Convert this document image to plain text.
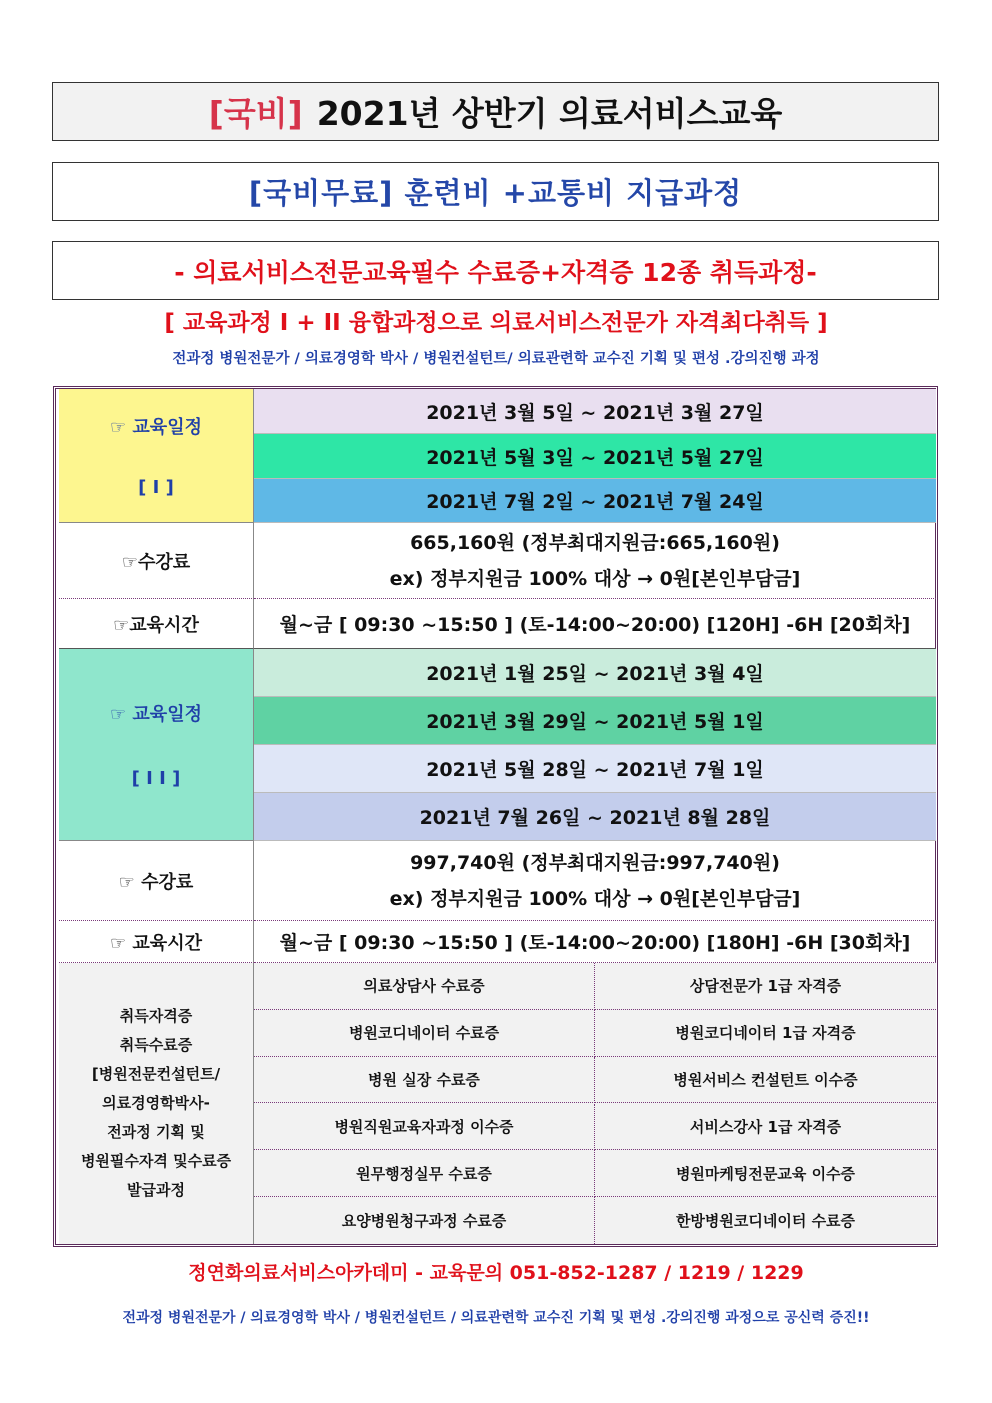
[국비] 2021년 상반기 의료서비스교육
[국비무료] 훈련비 +교통비 지급과정
- 의료서비스전문교육필수 수료증+자격증 12종 취득과정-
[ 교육과정 I + II 융합과정으로 의료서비스전문가 자격최다취득 ]
전과정 병원전문가 / 의료경영학 박사 / 병원컨설턴트/ 의료관련학 교수진 기획 및 편성 .강의진행 과정
☞ 교육일정
[ I ]
2021년 3월 5일 ~ 2021년 3월 27일
2021년 5월 3일 ~ 2021년 5월 27일
2021년 7월 2일 ~ 2021년 7월 24일
☞수강료
665,160원 (정부최대지원금:665,160원)
ex) 정부지원금 100% 대상 → 0원[본인부담금]
☞교육시간	월~금 [ 09:30 ~15:50 ] (토-14:00~20:00) [120H] -6H [20회차]
☞ 교육일정
[ I I ]
2021년 1월 25일 ~ 2021년 3월 4일
2021년 3월 29일 ~ 2021년 5월 1일
2021년 5월 28일 ~ 2021년 7월 1일
2021년 7월 26일 ~ 2021년 8월 28일
☞ 수강료
997,740원 (정부최대지원금:997,740원)
ex) 정부지원금 100% 대상 → 0원[본인부담금]
☞ 교육시간	월~금 [ 09:30 ~15:50 ] (토-14:00~20:00) [180H] -6H [30회차]
취득자격증
취득수료증
[병원전문컨설턴트/
의료경영학박사-
전과정 기획 및
병원필수자격 및수료증
발급과정
의료상담사 수료증	상담전문가 1급 자격증
병원코디네이터 수료증	병원코디네이터 1급 자격증
병원 실장 수료증	병원서비스 컨설턴트 이수증
병원직원교육자과정 이수증	서비스강사 1급 자격증
원무행정실무 수료증	병원마케팅전문교육 이수증
요양병원청구과정 수료증	한방병원코디네이터 수료증
정연화의료서비스아카데미 - 교육문의 051-852-1287 / 1219 / 1229
전과정 병원전문가 / 의료경영학 박사 / 병원컨설턴트 / 의료관련학 교수진 기획 및 편성 .강의진행 과정으로 공신력 증진!!
